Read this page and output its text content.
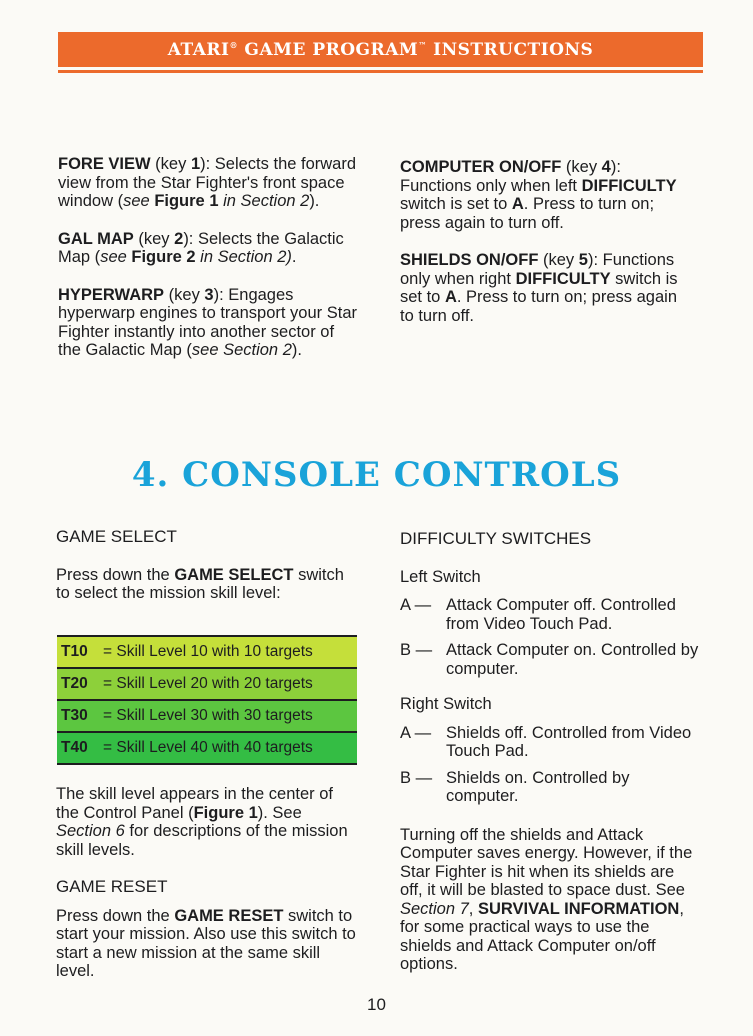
ATARI® GAME PROGRAM™ INSTRUCTIONS

FORE VIEW (key 1): Selects the forward view from the Star Fighter's front space window (see Figure 1 in Section 2).

GAL MAP (key 2): Selects the Galactic Map (see Figure 2 in Section 2).

HYPERWARP (key 3): Engages hyperwarp engines to transport your Star Fighter instantly into another sector of the Galactic Map (see Section 2).

COMPUTER ON/OFF (key 4): Functions only when left DIFFICULTY switch is set to A. Press to turn on; press again to turn off.

SHIELDS ON/OFF (key 5): Functions only when right DIFFICULTY switch is set to A. Press to turn on; press again to turn off.

4. CONSOLE CONTROLS

GAME SELECT

Press down the GAME SELECT switch to select the mission skill level:

T10 = Skill Level 10 with 10 targets
T20 = Skill Level 20 with 20 targets
T30 = Skill Level 30 with 30 targets
T40 = Skill Level 40 with 40 targets

The skill level appears in the center of the Control Panel (Figure 1). See Section 6 for descriptions of the mission skill levels.

GAME RESET

Press down the GAME RESET switch to start your mission. Also use this switch to start a new mission at the same skill level.

DIFFICULTY SWITCHES

Left Switch

A — Attack Computer off. Controlled from Video Touch Pad.
B — Attack Computer on. Controlled by computer.

Right Switch

A — Shields off. Controlled from Video Touch Pad.
B — Shields on. Controlled by computer.

Turning off the shields and Attack Computer saves energy. However, if the Star Fighter is hit when its shields are off, it will be blasted to space dust. See Section 7, SURVIVAL INFORMATION, for some practical ways to use the shields and Attack Computer on/off options.

10
